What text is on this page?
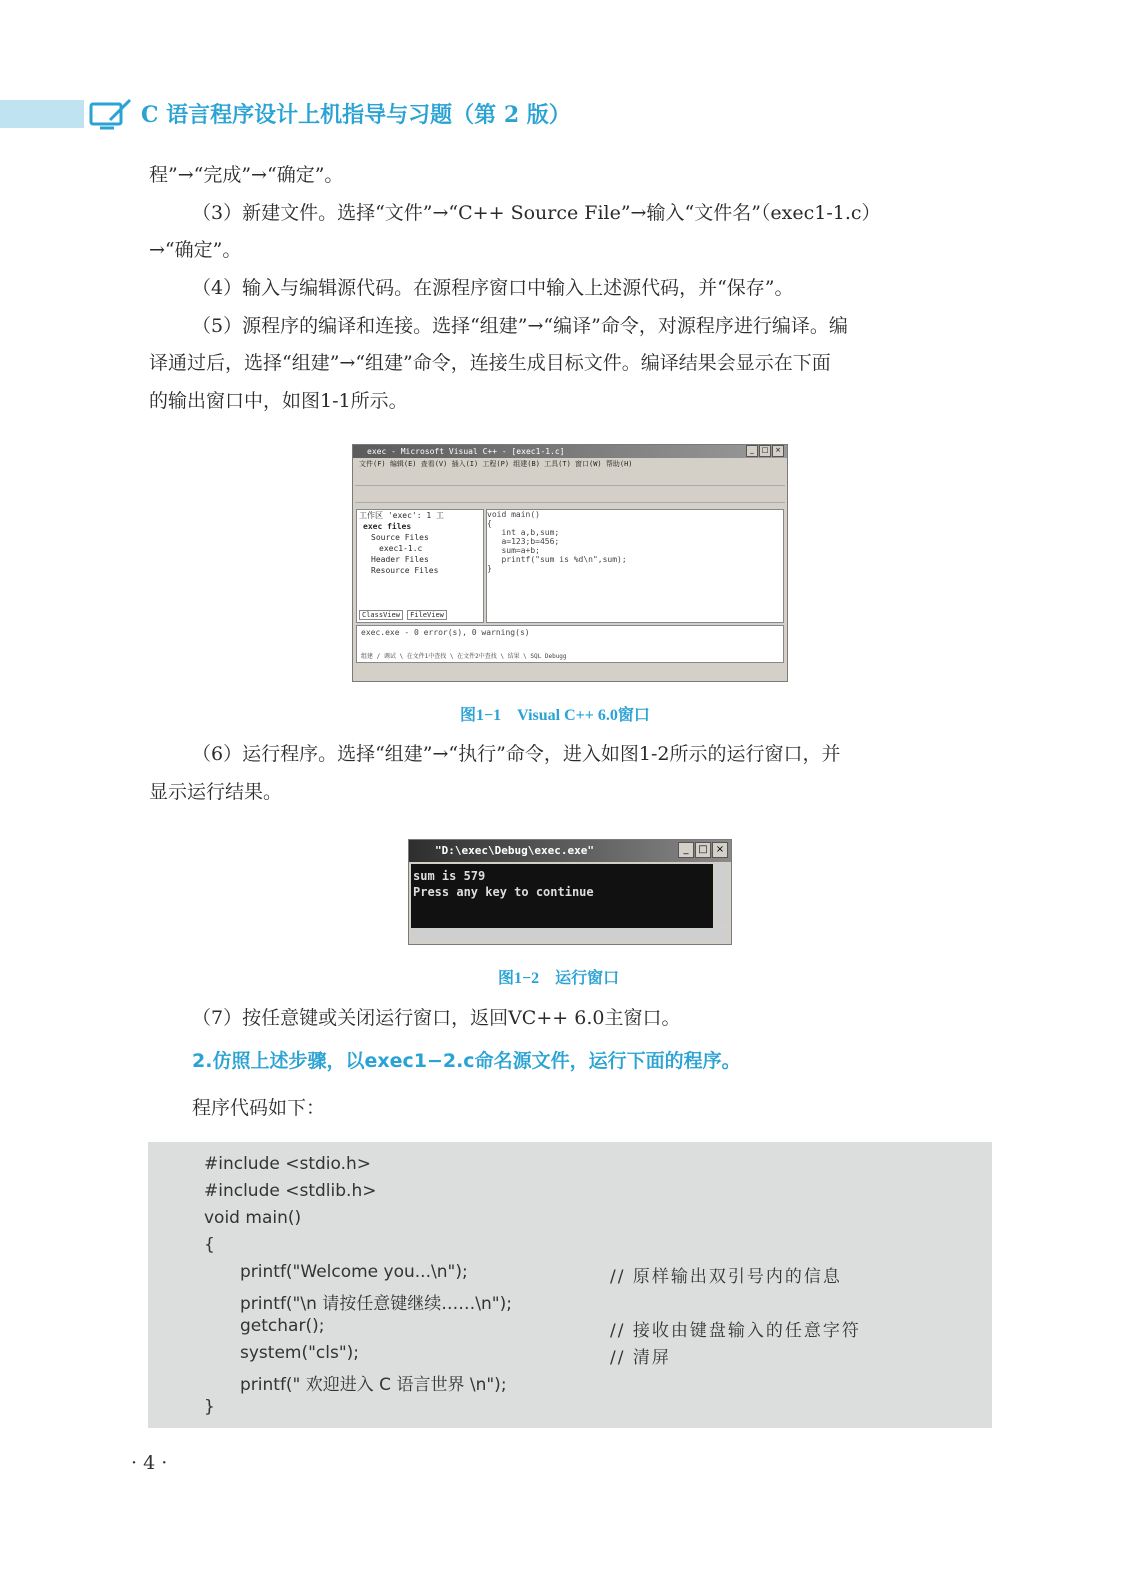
C 语言程序设计上机指导与习题（第 2 版）
程”→“完成”→“确定”。
（3）新建文件。选择“文件”→“C++ Source File”→输入“文件名”（exec1-1.c）
→“确定”。
（4）输入与编辑源代码。在源程序窗口中输入上述源代码，并“保存”。
（5）源程序的编译和连接。选择“组建”→“编译”命令，对源程序进行编译。编
译通过后，选择“组建”→“组建”命令，连接生成目标文件。编译结果会显示在下面
的输出窗口中，如图1-1所示。
exec - Microsoft Visual C++ - [exec1-1.c]	_	□ ×
文件(F) 编辑(E) 查看(V) 插入(I) 工程(P) 组建(B) 工具(T) 窗口(W) 帮助(H)
工作区 'exec': 1 工
exec files
Source Files
exec1-1.c
Header Files
Resource Files
ClassView FileView
void main()
{
int a,b,sum;
a=123;b=456;
sum=a+b;
printf("sum is %d\n",sum);
}
exec.exe - 0 error(s), 0 warning(s)
组建 / 调试 \ 在文件1中查找 \ 在文件2中查找 \ 结果 \ SQL Debugg
图1−1　Visual C++ 6.0窗口
（6）运行程序。选择“组建”→“执行”命令，进入如图1-2所示的运行窗口，并
显示运行结果。
"D:\exec\Debug\exec.exe"	_ □ ×
sum is 579
Press any key to continue
图1−2　运行窗口
（7）按任意键或关闭运行窗口，返回VC++ 6.0主窗口。
2.仿照上述步骤，以exec1−2.c命名源文件，运行下面的程序。
程序代码如下：
#include <stdio.h>
#include <stdlib.h>
void main()
{
printf("Welcome you...\n");	// 原样输出双引号内的信息
printf("\n 请按任意键继续……\n");
getchar();	// 接收由键盘输入的任意字符
system("cls");	// 清屏
printf(" 欢迎进入 C 语言世界 \n");
}
· 4 ·
